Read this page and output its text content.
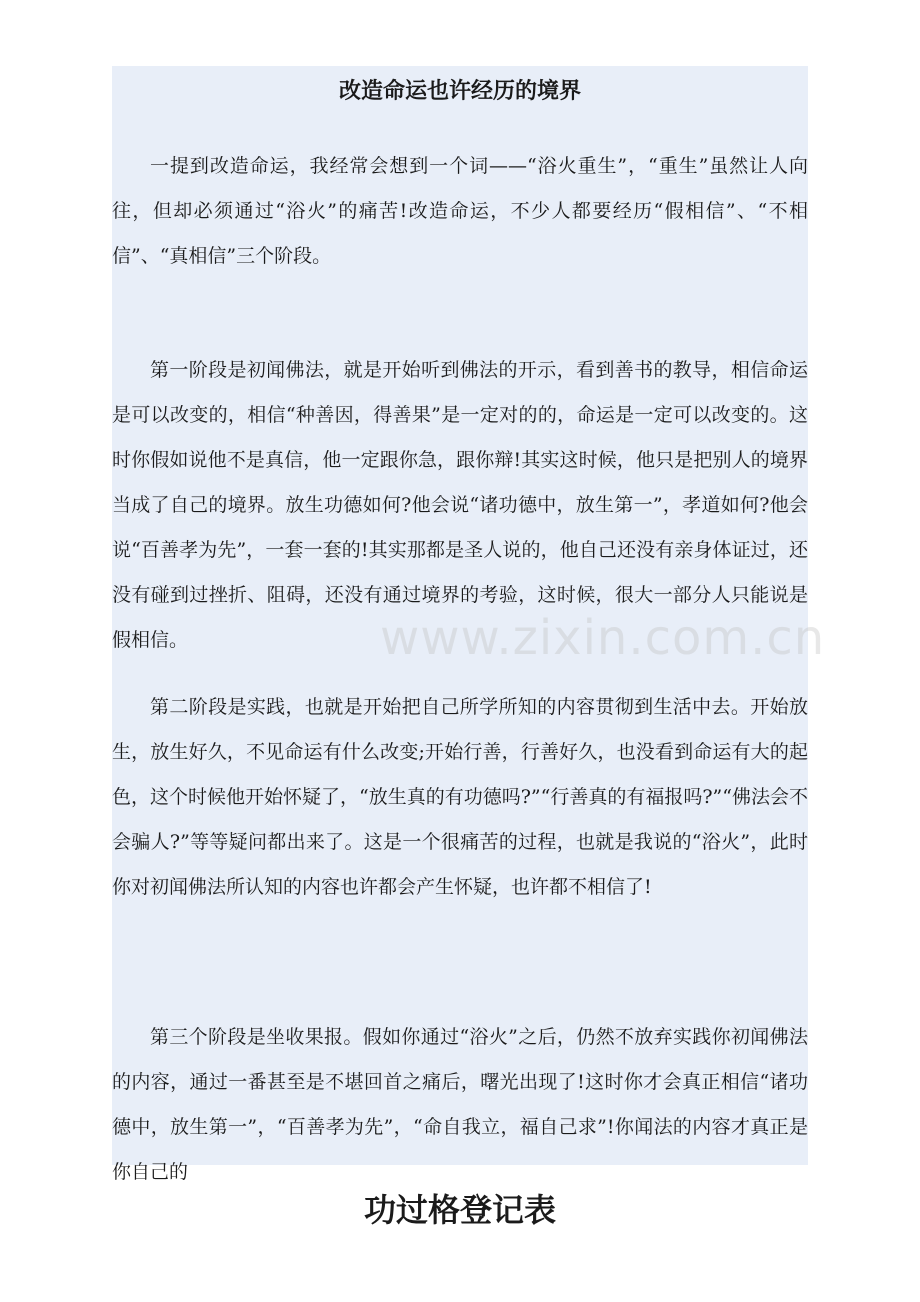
改造命运也许经历的境界

一提到改造命运，我经常会想到一个词——“浴火重生”，“重生”虽然让人向往，但却必须通过“浴火”的痛苦!改造命运，不少人都要经历“假相信”、“不相信”、“真相信”三个阶段。

第一阶段是初闻佛法，就是开始听到佛法的开示，看到善书的教导，相信命运是可以改变的，相信“种善因，得善果”是一定对的的，命运是一定可以改变的。这时你假如说他不是真信，他一定跟你急，跟你辩!其实这时候，他只是把别人的境界当成了自己的境界。放生功德如何?他会说“诸功德中，放生第一”，孝道如何?他会说“百善孝为先”，一套一套的!其实那都是圣人说的，他自己还没有亲身体证过，还没有碰到过挫折、阻碍，还没有通过境界的考验，这时候，很大一部分人只能说是假相信。

第二阶段是实践，也就是开始把自己所学所知的内容贯彻到生活中去。开始放生，放生好久，不见命运有什么改变;开始行善，行善好久，也没看到命运有大的起色，这个时候他开始怀疑了，“放生真的有功德吗?”“行善真的有福报吗?”“佛法会不会骗人?”等等疑问都出来了。这是一个很痛苦的过程，也就是我说的“浴火”，此时你对初闻佛法所认知的内容也许都会产生怀疑，也许都不相信了!

第三个阶段是坐收果报。假如你通过“浴火”之后，仍然不放弃实践你初闻佛法的内容，通过一番甚至是不堪回首之痛后，曙光出现了!这时你才会真正相信“诸功德中，放生第一”，“百善孝为先”，“命自我立，福自己求”!你闻法的内容才真正是你自己的

www.zixin.com.cn
功过格登记表
